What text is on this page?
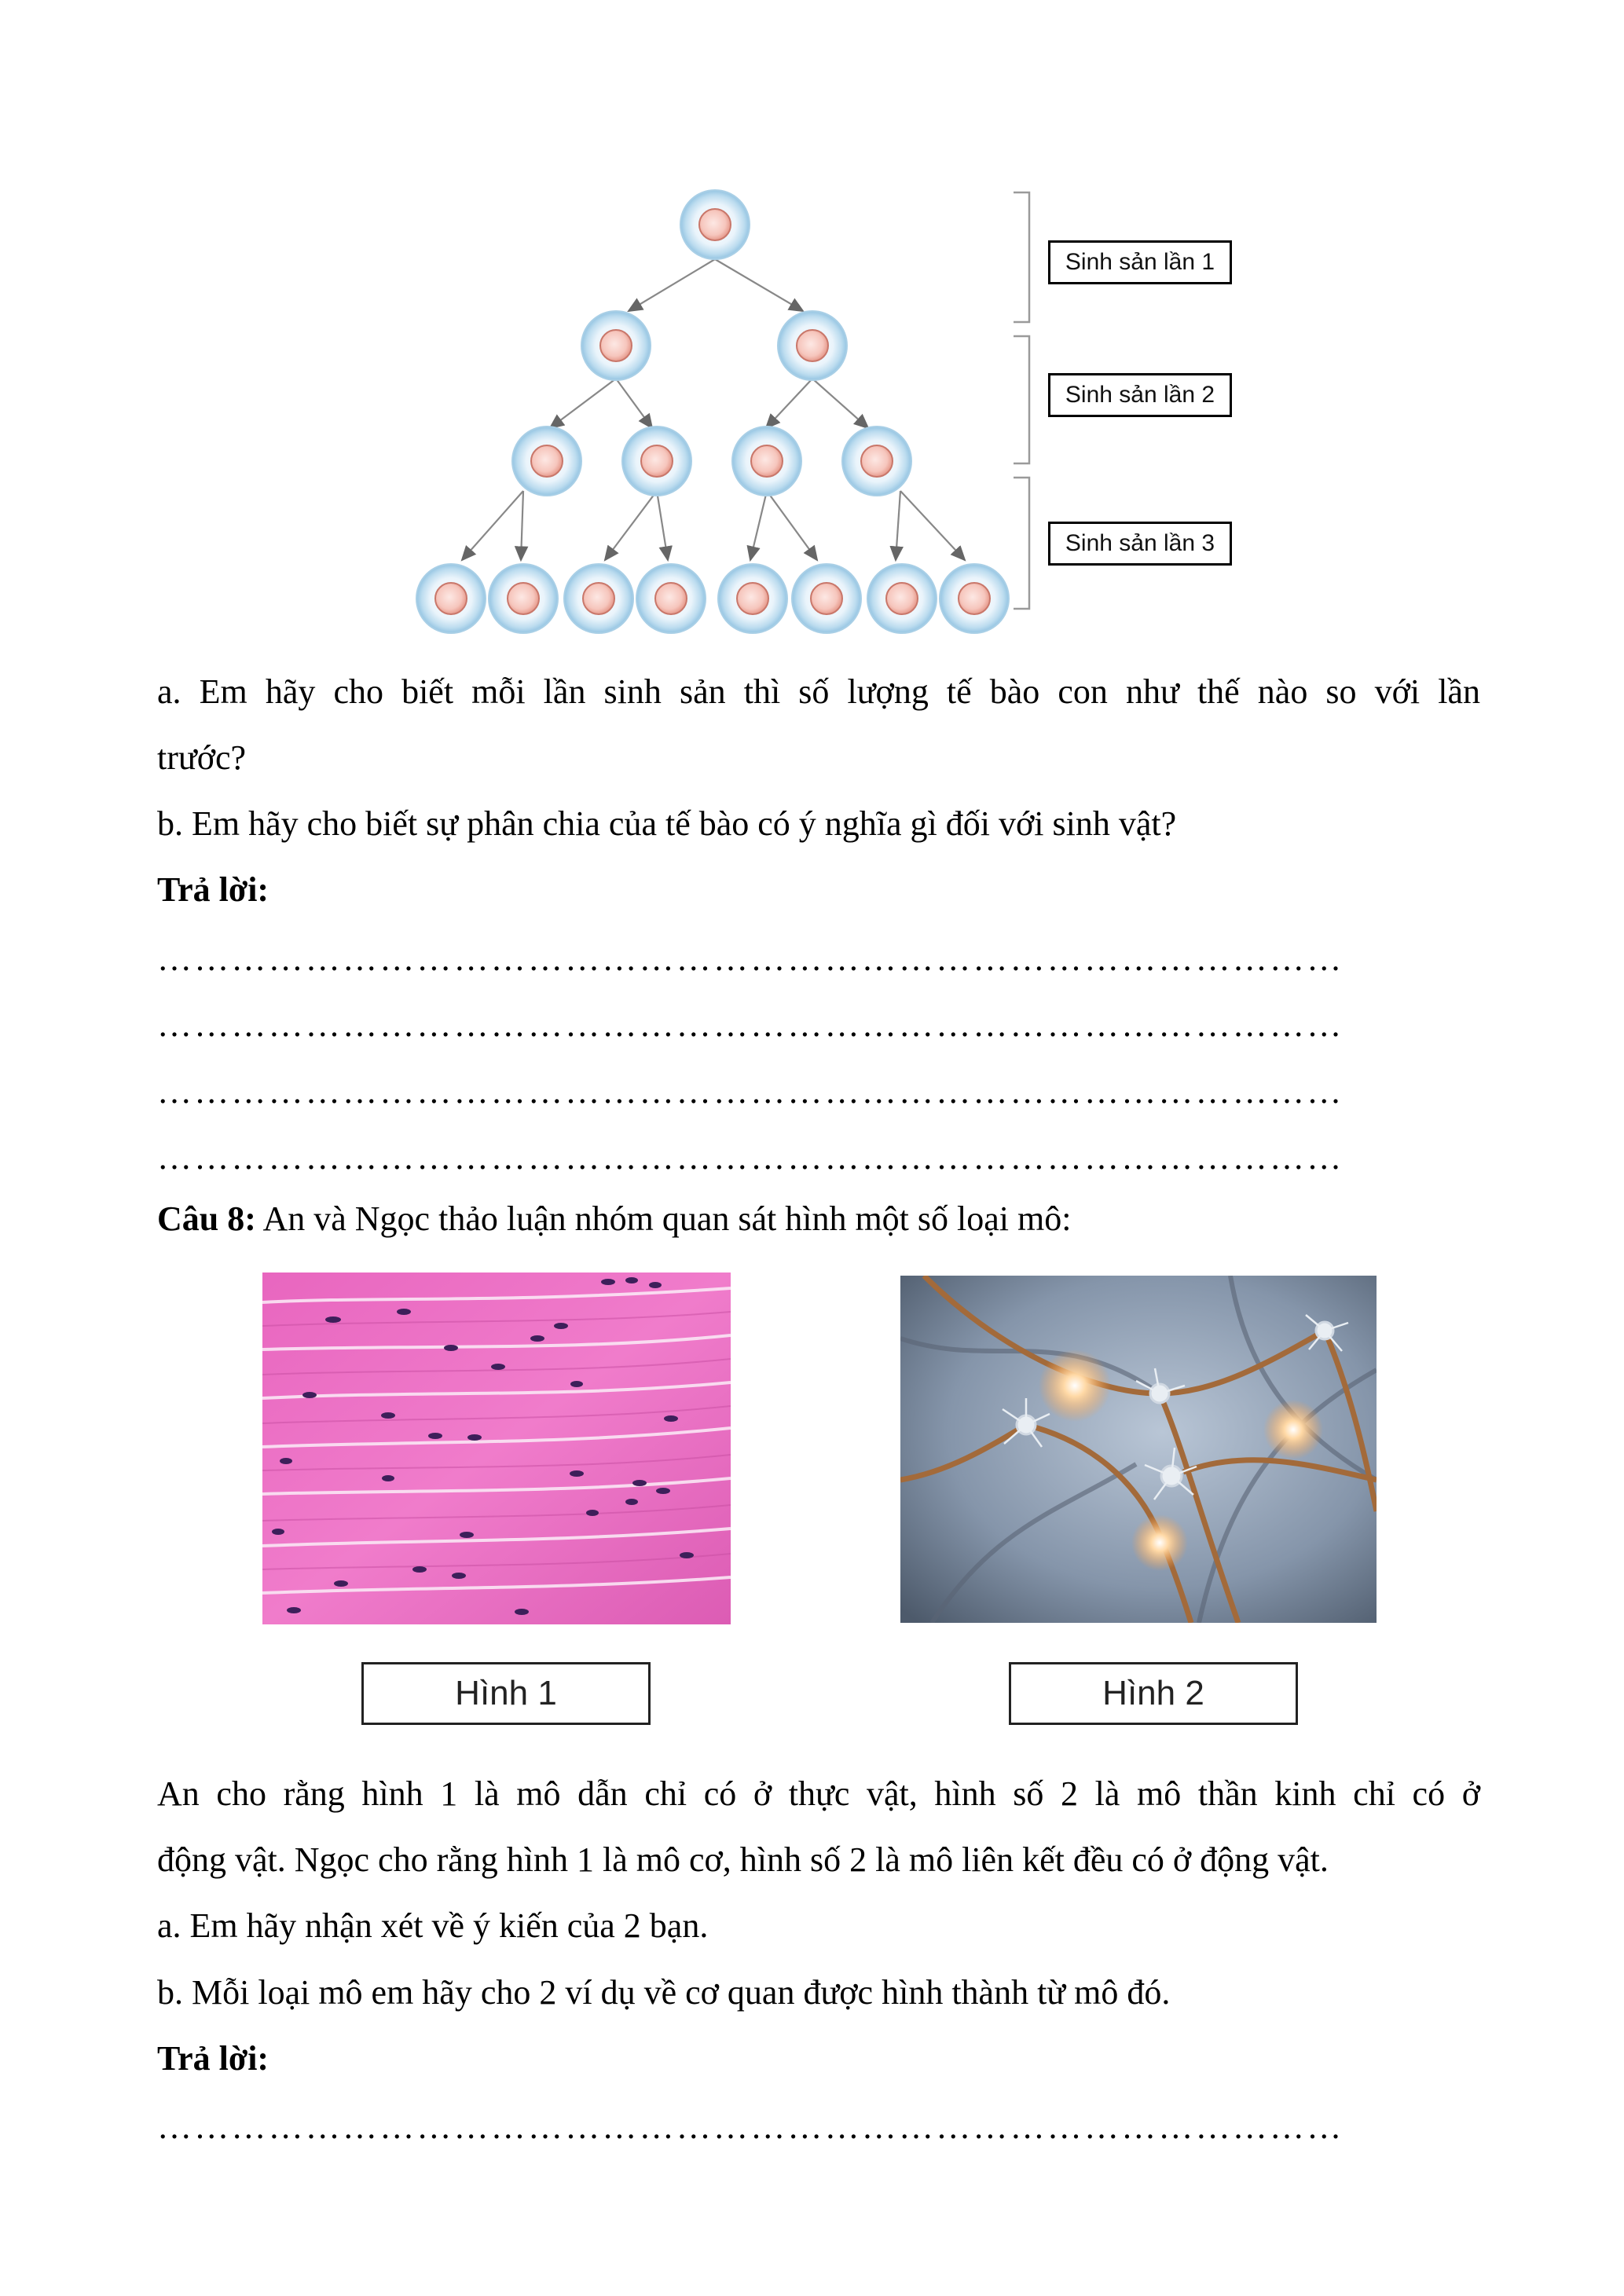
Sinh sản lần 1
Sinh sản lần 2
Sinh sản lần 3
a. Em hãy cho biết mỗi lần sinh sản thì số lượng tế bào con như thế nào so với lần
trước?
b. Em hãy cho biết sự phân chia của tế bào có ý nghĩa gì đối với sinh vật?
Trả lời:
……………………………………………………………………………………
……………………………………………………………………………………
……………………………………………………………………………………
……………………………………………………………………………………
Câu 8: An và Ngọc thảo luận nhóm quan sát hình một số loại mô:
Hình 1	Hình 2
An cho rằng hình 1 là mô dẫn chỉ có ở thực vật, hình số 2 là mô thần kinh chỉ có ở
động vật. Ngọc cho rằng hình 1 là mô cơ, hình số 2 là mô liên kết đều có ở động vật.
a. Em hãy nhận xét về ý kiến của 2 bạn.
b. Mỗi loại mô em hãy cho 2 ví dụ về cơ quan được hình thành từ mô đó.
Trả lời:
……………………………………………………………………………………
